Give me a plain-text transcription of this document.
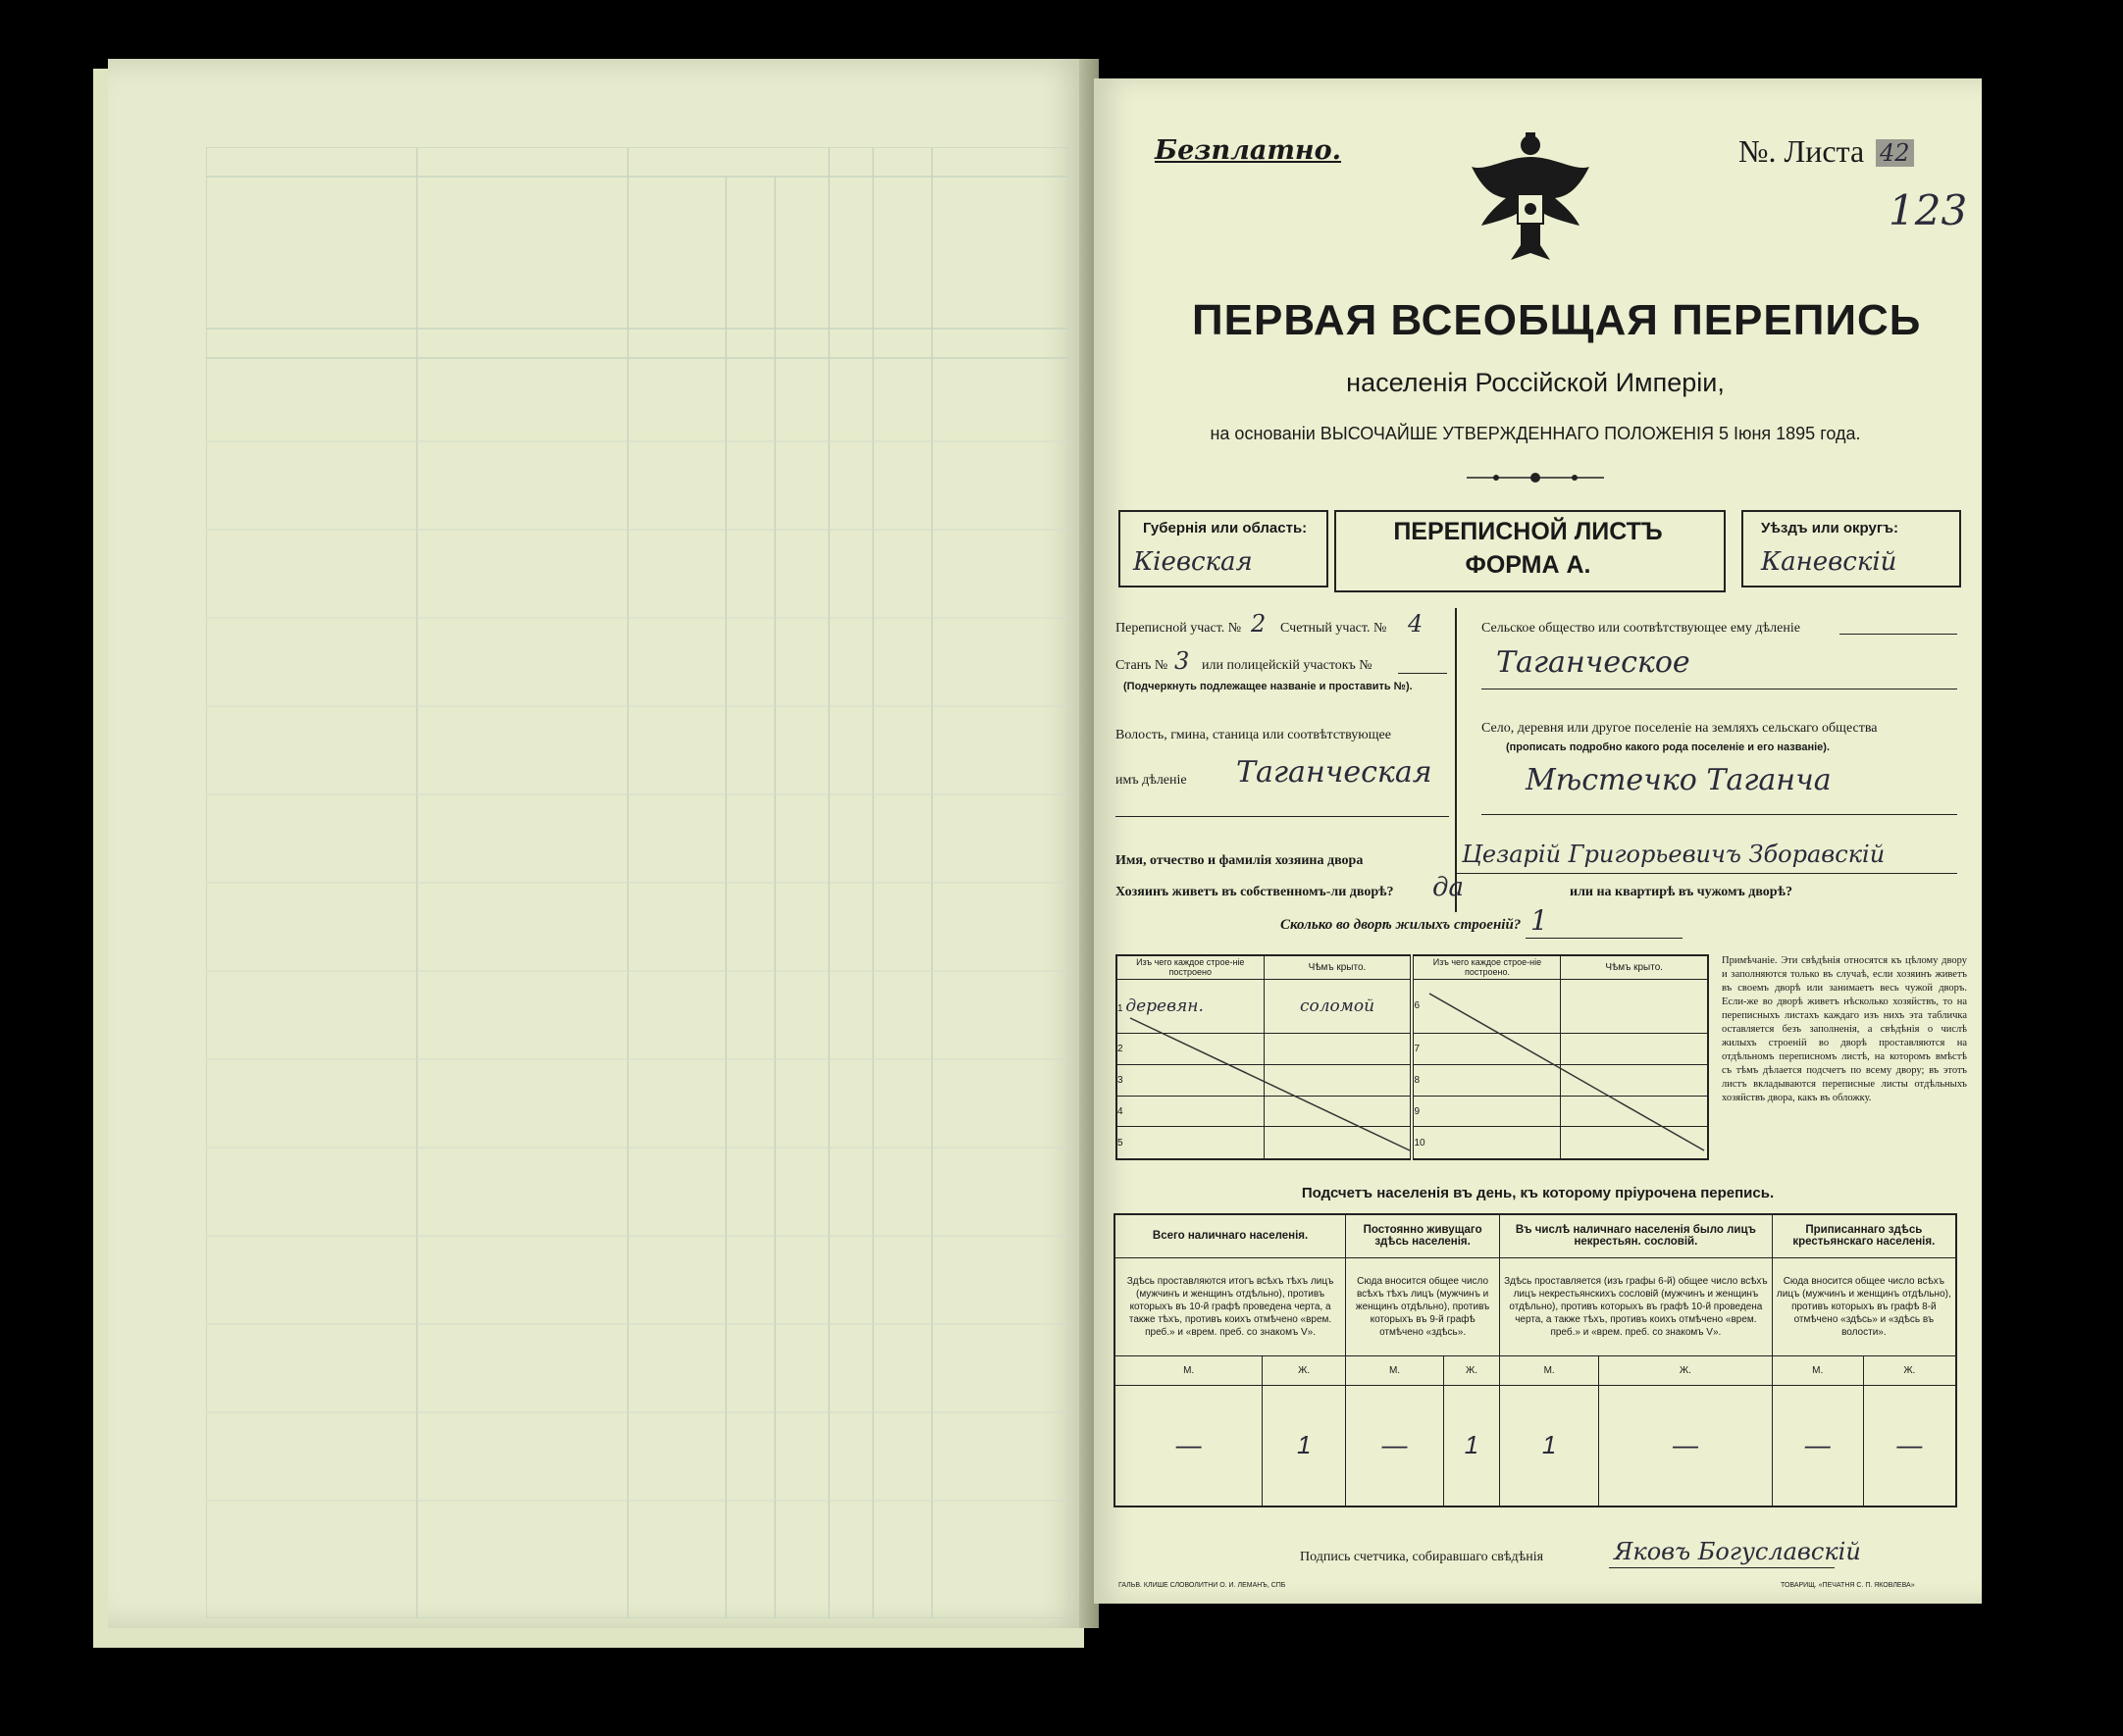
Безплатно.	№. Листа 42
123
ПЕРВАЯ ВСЕОБЩАЯ ПЕРЕПИСЬ
населенія Россійской Имперіи,
на основаніи ВЫСОЧАЙШЕ УТВЕРЖДЕННАГО ПОЛОЖЕНІЯ 5 Іюня 1895 года.
Губернія или область:
Кіевская
ПЕРЕПИСНОЙ ЛИСТЪ
ФОРМА А.
Уѣздъ или округъ:
Каневскій
Переписной участ. № 2 Счетный участ. № 4
Станъ № 3 или полицейскій участокъ №
(Подчеркнуть подлежащее названіе и проставить №).
Волость, гмина, станица или соотвѣтствующее
имъ дѣленіе Таганческая
Сельское общество или соотвѣтствующее ему дѣленіе
Таганческое
Село, деревня или другое поселеніе на земляхъ сельскаго общества
(прописать подробно какого рода поселеніе и его названіе).
Мѣстечко Таганча
Имя, отчество и фамилія хозяина двора	Цезарій Григорьевичъ Зборавскій
Хозяинъ живетъ въ собственномъ-ли дворѣ? да	или на квартирѣ въ чужомъ дворѣ?
Сколько во дворѣ жилыхъ строеній? 1
Изъ чего каждое строе-ніе построено	Чѣмъ крыто.	Изъ чего каждое строе-ніе построено.	Чѣмъ крыто.
1 деревян.	соломой	6	
2		7	
3		8	
4		9	
5		10	
Примѣчаніе. Эти свѣдѣнія относятся къ цѣлому двору и заполняются только въ случаѣ, если хозяинъ живетъ въ своемъ дворѣ или занимаетъ весь чужой дворъ. Если-же во дворѣ живетъ нѣсколько хозяйствъ, то на переписныхъ листахъ каждаго изъ нихъ эта табличка оставляется безъ заполненія, а свѣдѣнія о числѣ жилыхъ строеній во дворѣ проставляются на отдѣльномъ переписномъ листѣ, на которомъ вмѣстѣ съ тѣмъ дѣлается подсчетъ по всему двору; въ этотъ листъ вкладываются переписные листы отдѣльныхъ хозяйствъ двора, какъ въ обложку.
Подсчетъ населенія въ день, къ которому пріурочена перепись.
Всего наличнаго населенія.		Постоянно живущаго здѣсь населенія.		Въ числѣ наличнаго населенія было лицъ некрестьян. сословій.		Приписаннаго здѣсь крестьянскаго населенія.	
Здѣсь проставляются итогъ всѣхъ тѣхъ лицъ (мужчинъ и женщинъ отдѣльно), противъ которыхъ въ 10-й графѣ проведена черта, а также тѣхъ, противъ коихъ отмѣчено «врем. преб.» и «врем. преб. со знакомъ V».		Сюда вносится общее число всѣхъ тѣхъ лицъ (мужчинъ и женщинъ отдѣльно), противъ которыхъ въ 9-й графѣ отмѣчено «здѣсь».		Здѣсь проставляется (изъ графы 6-й) общее число всѣхъ лицъ некрестьянскихъ сословій (мужчинъ и женщинъ отдѣльно), противъ которыхъ въ графѣ 10-й проведена черта, а также тѣхъ, противъ коихъ отмѣчено «врем. преб.» и «врем. преб. со знакомъ V».		Сюда вносится общее число всѣхъ лицъ (мужчинъ и женщинъ отдѣльно), противъ которыхъ въ графѣ 8-й отмѣчено «здѣсь» и «здѣсь въ волости».	
М.	Ж.	М.	Ж.	М.	Ж.	М.	Ж.
—	1	—	1	1	—	—	—
Подпись счетчика, собиравшаго свѣдѣнія	Яковъ Богуславскій
ГАЛЬВ. КЛИШЕ СЛОВОЛИТНИ О. И. ЛЕМАНЪ, СПБ	ТОВАРИЩ. «ПЕЧАТНЯ С. П. ЯКОВЛЕВА»
